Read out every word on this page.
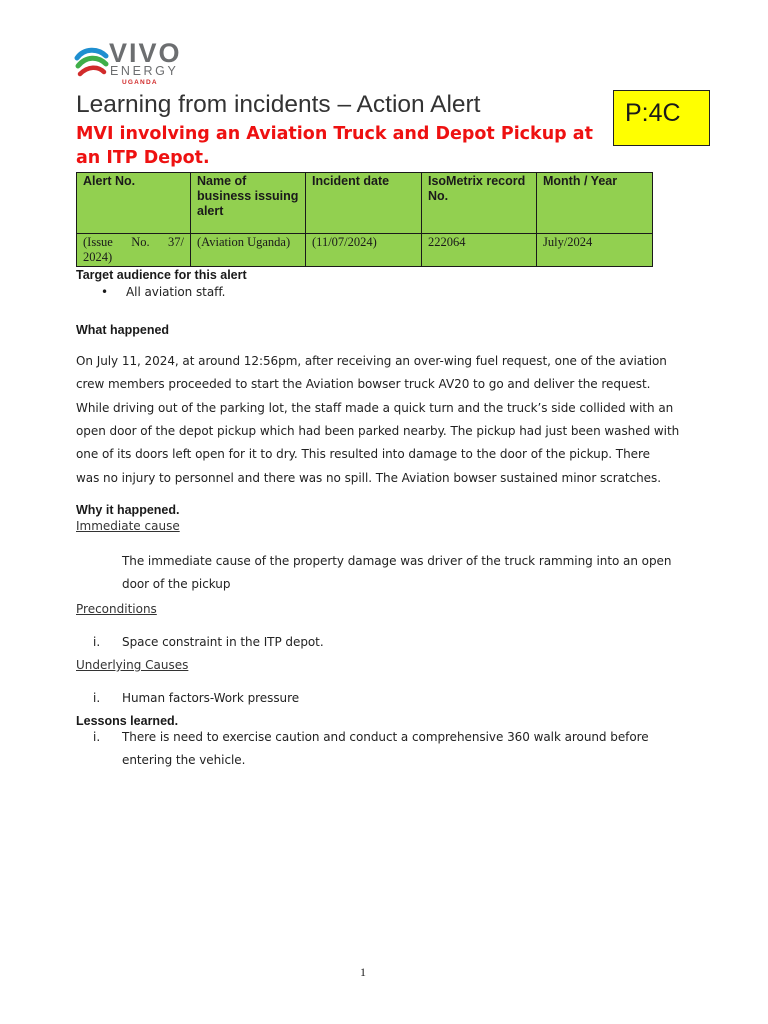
VIVO
ENERGY
UGANDA
P:4C
Learning from incidents – Action Alert
MVI involving an Aviation Truck and Depot Pickup at an ITP Depot.
Alert No.	Name of business issuing alert	Incident date	IsoMetrix record No.	Month / Year
(Issue No. 37/ 2024)	(Aviation Uganda)	(11/07/2024)	222064	July/2024
Target audience for this alert
• All aviation staff.
What happened
On July 11, 2024, at around 12:56pm, after receiving an over-wing fuel request, one of the aviation
crew members proceeded to start the Aviation bowser truck AV20 to go and deliver the request.
While driving out of the parking lot, the staff made a quick turn and the truck’s side collided with an
open door of the depot pickup which had been parked nearby. The pickup had just been washed with
one of its doors left open for it to dry. This resulted into damage to the door of the pickup. There
was no injury to personnel and there was no spill. The Aviation bowser sustained minor scratches.
Why it happened.
Immediate cause
The immediate cause of the property damage was driver of the truck ramming into an open
door of the pickup
Preconditions
i. Space constraint in the ITP depot.
Underlying Causes
i. Human factors-Work pressure
Lessons learned.
i. There is need to exercise caution and conduct a comprehensive 360 walk around before
entering the vehicle.
1
